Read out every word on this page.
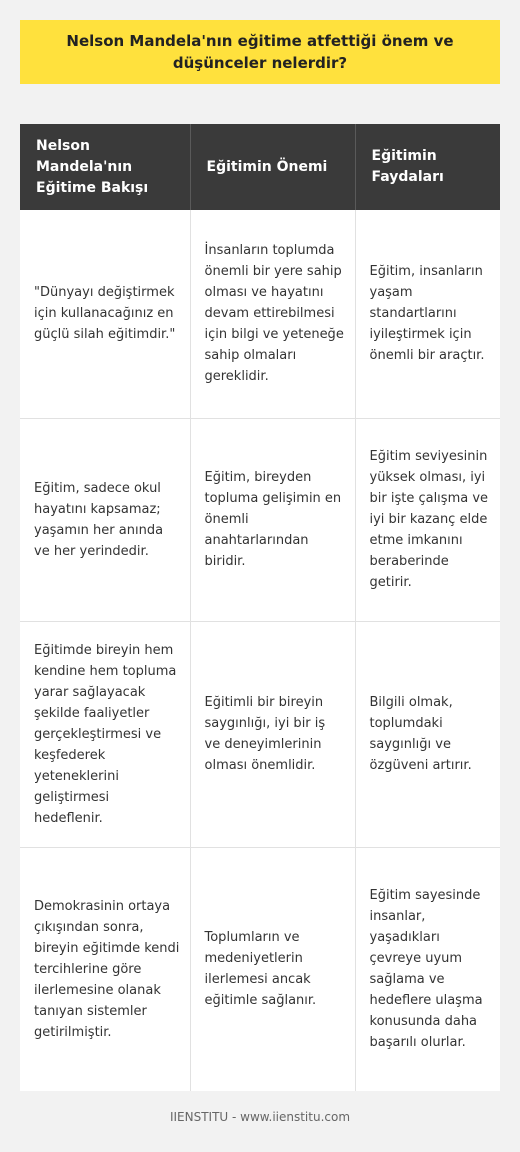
Nelson Mandela'nın eğitime atfettiği önem ve düşünceler nelerdir?
Nelson Mandela'nın Eğitime Bakışı	Eğitimin Önemi	Eğitimin Faydaları
"Dünyayı değiştirmek için kullanacağınız en güçlü silah eğitimdir."	İnsanların toplumda önemli bir yere sahip olması ve hayatını devam ettirebilmesi için bilgi ve yeteneğe sahip olmaları gereklidir.	Eğitim, insanların yaşam standartlarını iyileştirmek için önemli bir araçtır.
Eğitim, sadece okul hayatını kapsamaz; yaşamın her anında ve her yerindedir.	Eğitim, bireyden topluma gelişimin en önemli anahtarlarından biridir.	Eğitim seviyesinin yüksek olması, iyi bir işte çalışma ve iyi bir kazanç elde etme imkanını beraberinde getirir.
Eğitimde bireyin hem kendine hem topluma yarar sağlayacak şekilde faaliyetler gerçekleştirmesi ve keşfederek yeteneklerini geliştirmesi hedeflenir.	Eğitimli bir bireyin saygınlığı, iyi bir iş ve deneyimlerinin olması önemlidir.	Bilgili olmak, toplumdaki saygınlığı ve özgüveni artırır.
Demokrasinin ortaya çıkışından sonra, bireyin eğitimde kendi tercihlerine göre ilerlemesine olanak tanıyan sistemler getirilmiştir.	Toplumların ve medeniyetlerin ilerlemesi ancak eğitimle sağlanır.	Eğitim sayesinde insanlar, yaşadıkları çevreye uyum sağlama ve hedeflere ulaşma konusunda daha başarılı olurlar.
IIENSTITU - www.iienstitu.com
